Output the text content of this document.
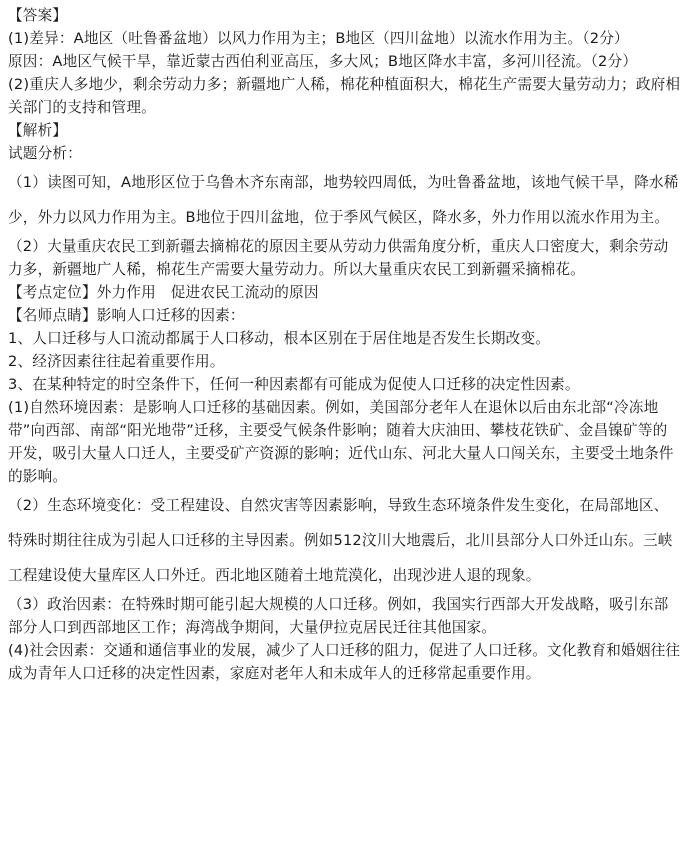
【答案】

(1)差异：A地区（吐鲁番盆地）以风力作用为主；B地区（四川盆地）以流水作用为主。（2分）

原因：A地区气候干旱，靠近蒙古西伯利亚高压，多大风；B地区降水丰富，多河川径流。（2分）

(2)重庆人多地少，剩余劳动力多；新疆地广人稀，棉花种植面积大，棉花生产需要大量劳动力；政府相关部门的支持和管理。

【解析】

试题分析：

（1）读图可知，A地形区位于乌鲁木齐东南部，地势较四周低，为吐鲁番盆地，该地气候干旱，降水稀少，外力以风力作用为主。B地位于四川盆地，位于季风气候区，降水多，外力作用以流水作用为主。

（2）大量重庆农民工到新疆去摘棉花的原因主要从劳动力供需角度分析，重庆人口密度大，剩余劳动力多，新疆地广人稀，棉花生产需要大量劳动力。所以大量重庆农民工到新疆采摘棉花。

【考点定位】外力作用　促进农民工流动的原因

【名师点睛】影响人口迁移的因素：

1、人口迁移与人口流动都属于人口移动，根本区别在于居住地是否发生长期改变。

2、经济因素往往起着重要作用。

3、在某种特定的时空条件下，任何一种因素都有可能成为促使人口迁移的决定性因素。

(1)自然环境因素：是影响人口迁移的基础因素。例如，美国部分老年人在退休以后由东北部“冷冻地带”向西部、南部“阳光地带”迁移，主要受气候条件影响；随着大庆油田、攀枝花铁矿、金昌镍矿等的开发，吸引大量人口迁人，主要受矿产资源的影响；近代山东、河北大量人口闯关东，主要受土地条件的影响。

（2）生态环境变化：受工程建设、自然灾害等因素影响，导致生态环境条件发生变化，在局部地区、特殊时期往往成为引起人口迁移的主导因素。例如512汶川大地震后，北川县部分人口外迁山东。三峡工程建设使大量库区人口外迁。西北地区随着土地荒漠化，出现沙进人退的现象。

（3）政治因素：在特殊时期可能引起大规模的人口迁移。例如，我国实行西部大开发战略，吸引东部部分人口到西部地区工作；海湾战争期间，大量伊拉克居民迁往其他国家。

(4)社会因素：交通和通信事业的发展，减少了人口迁移的阻力，促进了人口迁移。文化教育和婚姻往往成为青年人口迁移的决定性因素，家庭对老年人和未成年人的迁移常起重要作用。
